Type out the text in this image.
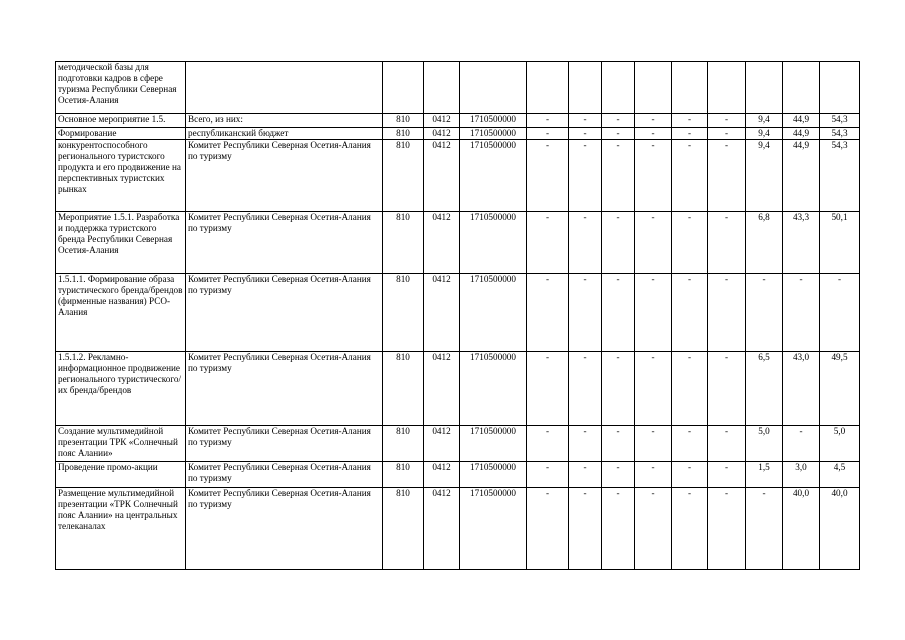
методической базы для подготовки кадров в сфере туризма Республики Северная Осетия-Алания													
Основное мероприятие 1.5.	Всего, из них:	810	0412	1710500000	-	-	-	-	-	-	9,4	44,9	54,3
Формирование	республиканский бюджет	810	0412	1710500000	-	-	-	-	-	-	9,4	44,9	54,3
конкурентоспособного регионального туристского продукта и его продвижение на перспективных туристских рынках	Комитет Республики Северная Осетия-Алания по туризму	810	0412	1710500000	-	-	-	-	-	-	9,4	44,9	54,3
Мероприятие 1.5.1. Разработка и поддержка туристского бренда Республики Северная Осетия-Алания	Комитет Республики Северная Осетия-Алания по туризму	810	0412	1710500000	-	-	-	-	-	-	6,8	43,3	50,1
1.5.1.1. Формирование образа туристического бренда/брендов (фирменные названия) РСО-Алания	Комитет Республики Северная Осетия-Алания по туризму	810	0412	1710500000	-	-	-	-	-	-	-	-	-
1.5.1.2. Рекламно-информационное продвижение регионального туристического/их бренда/брендов	Комитет Республики Северная Осетия-Алания по туризму	810	0412	1710500000	-	-	-	-	-	-	6,5	43,0	49,5
Создание мультимедийной презентации ТРК «Солнечный пояс Алании»	Комитет Республики Северная Осетия-Алания по туризму	810	0412	1710500000	-	-	-	-	-	-	5,0	-	5,0
Проведение промо-акции	Комитет Республики Северная Осетия-Алания по туризму	810	0412	1710500000	-	-	-	-	-	-	1,5	3,0	4,5
Размещение мультимедийной презентации «ТРК Солнечный пояс Алании» на центральных телеканалах	Комитет Республики Северная Осетия-Алания по туризму	810	0412	1710500000	-	-	-	-	-	-	-	40,0	40,0
